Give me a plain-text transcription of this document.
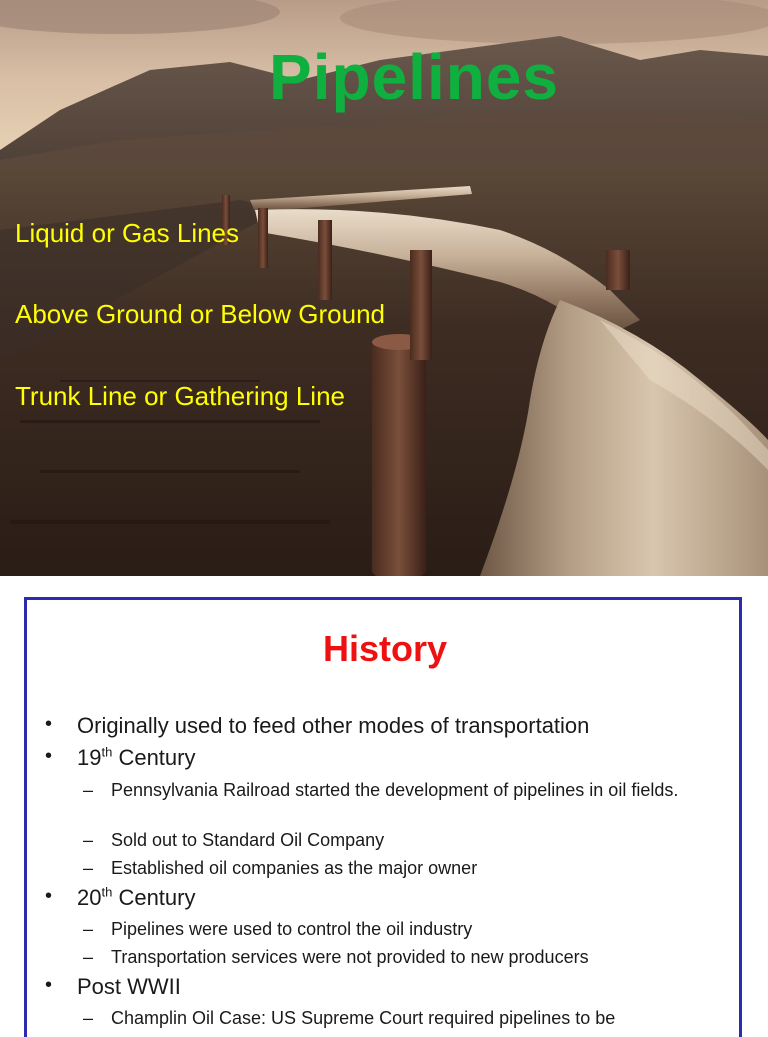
Pipelines
Liquid or Gas Lines
Above Ground or Below Ground
Trunk Line or Gathering Line
History
• Originally used to feed other modes of transportation
• 19th Century
– Pennsylvania Railroad started the development of pipelines in oil fields.
– Sold out to Standard Oil Company
– Established oil companies as the major owner
• 20th Century
– Pipelines were used to control the oil industry
– Transportation services were not provided to new producers
• Post WWII
– Champlin Oil Case: US Supreme Court required pipelines to be
